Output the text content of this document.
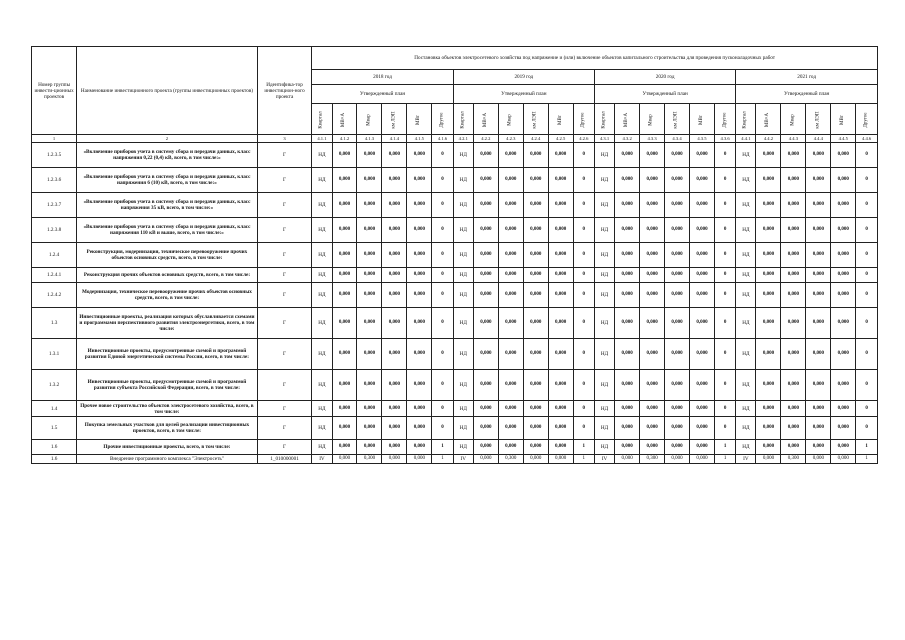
Номер группы инвести-ционных проектов	Наименование инвестиционного проекта (группы инвестиционных проектов)	Идентифика-тор инвестицион-ного проекта	Постановка объектов электросетевого хозяйства под напряжение и (или) включение объектов капитального строительства для проведения пусконаладочных работ																							
			2018 год						2019 год						2020 год						2021 год					
			Утвержденный план						Утвержденный план						Утвержденный план						Утвержденный план					
			Квартал	МВ×А	Мвар	км ЛЭП	МВт	Другое	Квартал	МВ×А	Мвар	км ЛЭП	МВт	Другое	Квартал	МВ×А	Мвар	км ЛЭП	МВт	Другое	Квартал	МВ×А	Мвар	км ЛЭП	МВт	Другое
1	2	3	4.1.1	4.1.2	4.1.3	4.1.4	4.1.5	4.1.6	4.2.1	4.2.2	4.2.3	4.2.4	4.2.5	4.2.6	4.3.1	4.3.2	4.3.3	4.3.4	4.3.5	4.3.6	4.4.1	4.4.2	4.4.3	4.4.4	4.4.5	4.4.6
1.2.3.5	«Включение приборов учета в систему сбора и передачи данных, класс напряжения 0,22 (0,4) кВ, всего, в том числе:»	Г	НД	0,000	0,000	0,000	0,000	0	НД	0,000	0,000	0,000	0,000	0	НД	0,000	0,000	0,000	0,000	0	НД	0,000	0,000	0,000	0,000	0
1.2.3.6	«Включение приборов учета в систему сбора и передачи данных, класс напряжения 6 (10) кВ, всего, в том числе:»	Г	НД	0,000	0,000	0,000	0,000	0	НД	0,000	0,000	0,000	0,000	0	НД	0,000	0,000	0,000	0,000	0	НД	0,000	0,000	0,000	0,000	0
1.2.3.7	«Включение приборов учета в систему сбора и передачи данных, класс напряжения 35 кВ, всего, в том числе:»	Г	НД	0,000	0,000	0,000	0,000	0	НД	0,000	0,000	0,000	0,000	0	НД	0,000	0,000	0,000	0,000	0	НД	0,000	0,000	0,000	0,000	0
1.2.3.8	«Включение приборов учета в систему сбора и передачи данных, класс напряжения 110 кВ и выше, всего, в том числе:»	Г	НД	0,000	0,000	0,000	0,000	0	НД	0,000	0,000	0,000	0,000	0	НД	0,000	0,000	0,000	0,000	0	НД	0,000	0,000	0,000	0,000	0
1.2.4	Реконструкция, модернизация, техническое перевооружение прочих объектов основных средств, всего, в том числе:	Г	НД	0,000	0,000	0,000	0,000	0	НД	0,000	0,000	0,000	0,000	0	НД	0,000	0,000	0,000	0,000	0	НД	0,000	0,000	0,000	0,000	0
1.2.4.1	Реконструкция прочих объектов основных средств, всего, в том числе:	Г	НД	0,000	0,000	0,000	0,000	0	НД	0,000	0,000	0,000	0,000	0	НД	0,000	0,000	0,000	0,000	0	НД	0,000	0,000	0,000	0,000	0
1.2.4.2	Модернизация, техническое перевооружение прочих объектов основных средств, всего, в том числе:	Г	НД	0,000	0,000	0,000	0,000	0	НД	0,000	0,000	0,000	0,000	0	НД	0,000	0,000	0,000	0,000	0	НД	0,000	0,000	0,000	0,000	0
1.3	Инвестиционные проекты, реализация которых обуславливается схемами и программами перспективного развития электроэнергетики, всего, в том числе:	Г	НД	0,000	0,000	0,000	0,000	0	НД	0,000	0,000	0,000	0,000	0	НД	0,000	0,000	0,000	0,000	0	НД	0,000	0,000	0,000	0,000	0
1.3.1	Инвестиционные проекты, предусмотренные схемой и программой развития Единой энергетической системы России, всего, в том числе:	Г	НД	0,000	0,000	0,000	0,000	0	НД	0,000	0,000	0,000	0,000	0	НД	0,000	0,000	0,000	0,000	0	НД	0,000	0,000	0,000	0,000	0
1.3.2	Инвестиционные проекты, предусмотренные схемой и программой развития субъекта Российской Федерации, всего, в том числе:	Г	НД	0,000	0,000	0,000	0,000	0	НД	0,000	0,000	0,000	0,000	0	НД	0,000	0,000	0,000	0,000	0	НД	0,000	0,000	0,000	0,000	0
1.4	Прочее новое строительство объектов электросетевого хозяйства, всего, в том числе:	Г	НД	0,000	0,000	0,000	0,000	0	НД	0,000	0,000	0,000	0,000	0	НД	0,000	0,000	0,000	0,000	0	НД	0,000	0,000	0,000	0,000	0
1.5	Покупка земельных участков для целей реализации инвестиционных проектов, всего, в том числе:	Г	НД	0,000	0,000	0,000	0,000	0	НД	0,000	0,000	0,000	0,000	0	НД	0,000	0,000	0,000	0,000	0	НД	0,000	0,000	0,000	0,000	0
1.6	Прочие инвестиционные проекты, всего, в том числе:	Г	НД	0,000	0,000	0,000	0,000	1	НД	0,000	0,000	0,000	0,000	1	НД	0,000	0,000	0,000	0,000	1	НД	0,000	0,000	0,000	0,000	1
1.6	Внедрение программного комплекса "Электросеть"	1_010000001	IV	0,000	0,300	0,000	0,000	1	IV	0,000	0,300	0,000	0,000	1	IV	0,000	0,300	0,000	0,000	1	IV	0,000	0,300	0,000	0,000	1
